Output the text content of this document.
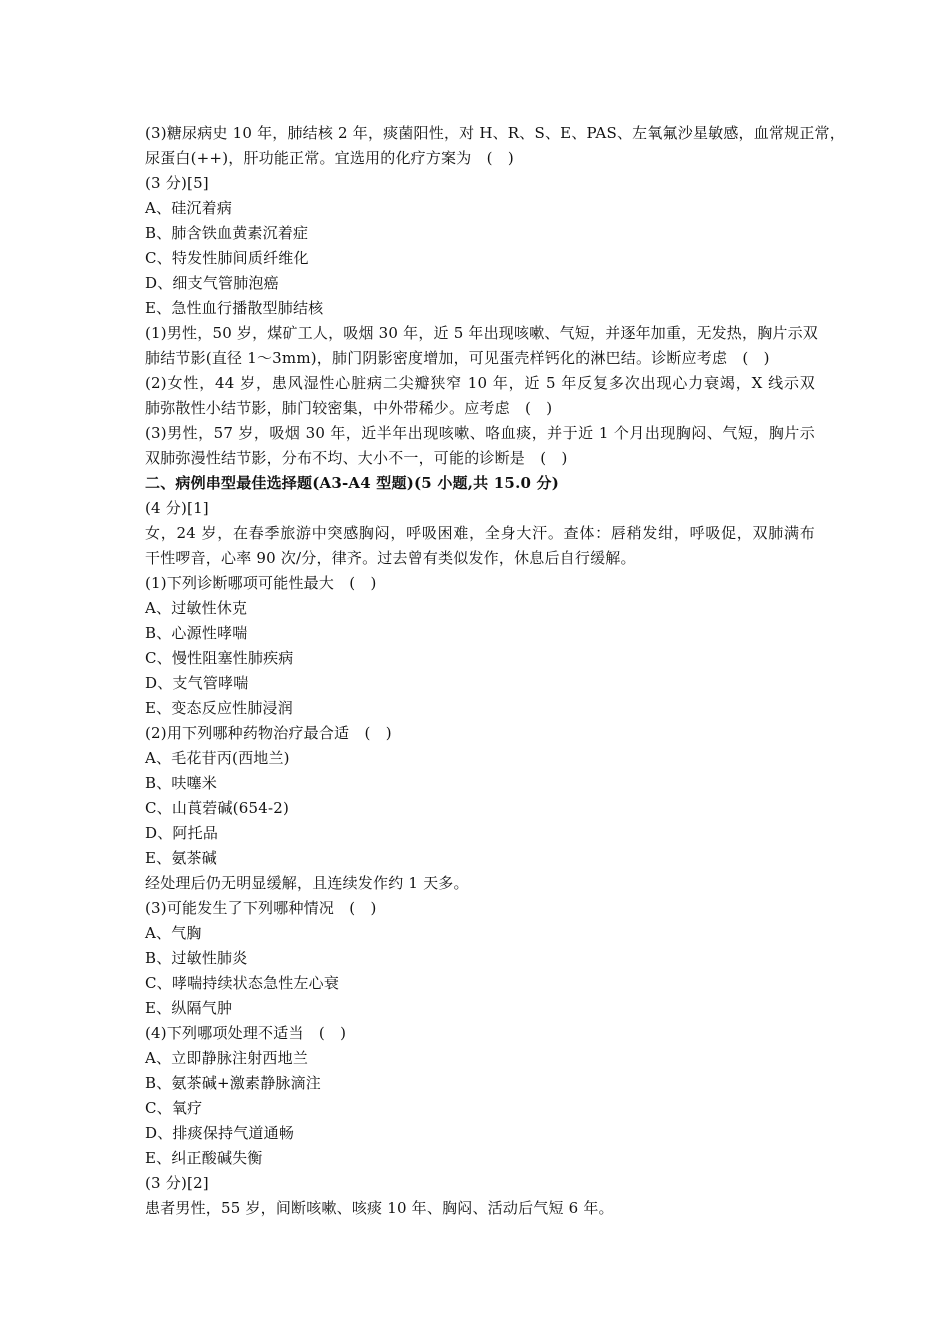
(3)糖尿病史 10 年，肺结核 2 年，痰菌阳性，对 H、R、S、E、PAS、左氧氟沙星敏感，血常规正常，
尿蛋白(++)，肝功能正常。宜选用的化疗方案为　(　)
(3 分)[5]
A、硅沉着病
B、肺含铁血黄素沉着症
C、特发性肺间质纤维化
D、细支气管肺泡癌
E、急性血行播散型肺结核
(1)男性，50 岁，煤矿工人，吸烟 30 年，近 5 年出现咳嗽、气短，并逐年加重，无发热，胸片示双
肺结节影(直径 1～3mm)，肺门阴影密度增加，可见蛋壳样钙化的淋巴结。诊断应考虑　(　)
(2)女性，44 岁，患风湿性心脏病二尖瓣狭窄 10 年，近 5 年反复多次出现心力衰竭，X 线示双
肺弥散性小结节影，肺门较密集，中外带稀少。应考虑　(　)
(3)男性，57 岁，吸烟 30 年，近半年出现咳嗽、咯血痰，并于近 1 个月出现胸闷、气短，胸片示
双肺弥漫性结节影，分布不均、大小不一，可能的诊断是　(　)
二、病例串型最佳选择题(A3-A4 型题)(5 小题,共 15.0 分)
(4 分)[1]
女，24 岁，在春季旅游中突感胸闷，呼吸困难，全身大汗。查体：唇稍发绀，呼吸促，双肺满布
干性啰音，心率 90 次/分，律齐。过去曾有类似发作，休息后自行缓解。
(1)下列诊断哪项可能性最大　(　)
A、过敏性休克
B、心源性哮喘
C、慢性阻塞性肺疾病
D、支气管哮喘
E、变态反应性肺浸润
(2)用下列哪种药物治疗最合适　(　)
A、毛花苷丙(西地兰)
B、呋噻米
C、山莨菪碱(654-2)
D、阿托品
E、氨茶碱
经处理后仍无明显缓解，且连续发作约 1 天多。
(3)可能发生了下列哪种情况　(　)
A、气胸
B、过敏性肺炎
C、哮喘持续状态急性左心衰
E、纵隔气肿
(4)下列哪项处理不适当　(　)
A、立即静脉注射西地兰
B、氨茶碱+激素静脉滴注
C、氧疗
D、排痰保持气道通畅
E、纠正酸碱失衡
(3 分)[2]
患者男性，55 岁，间断咳嗽、咳痰 10 年、胸闷、活动后气短 6 年。
